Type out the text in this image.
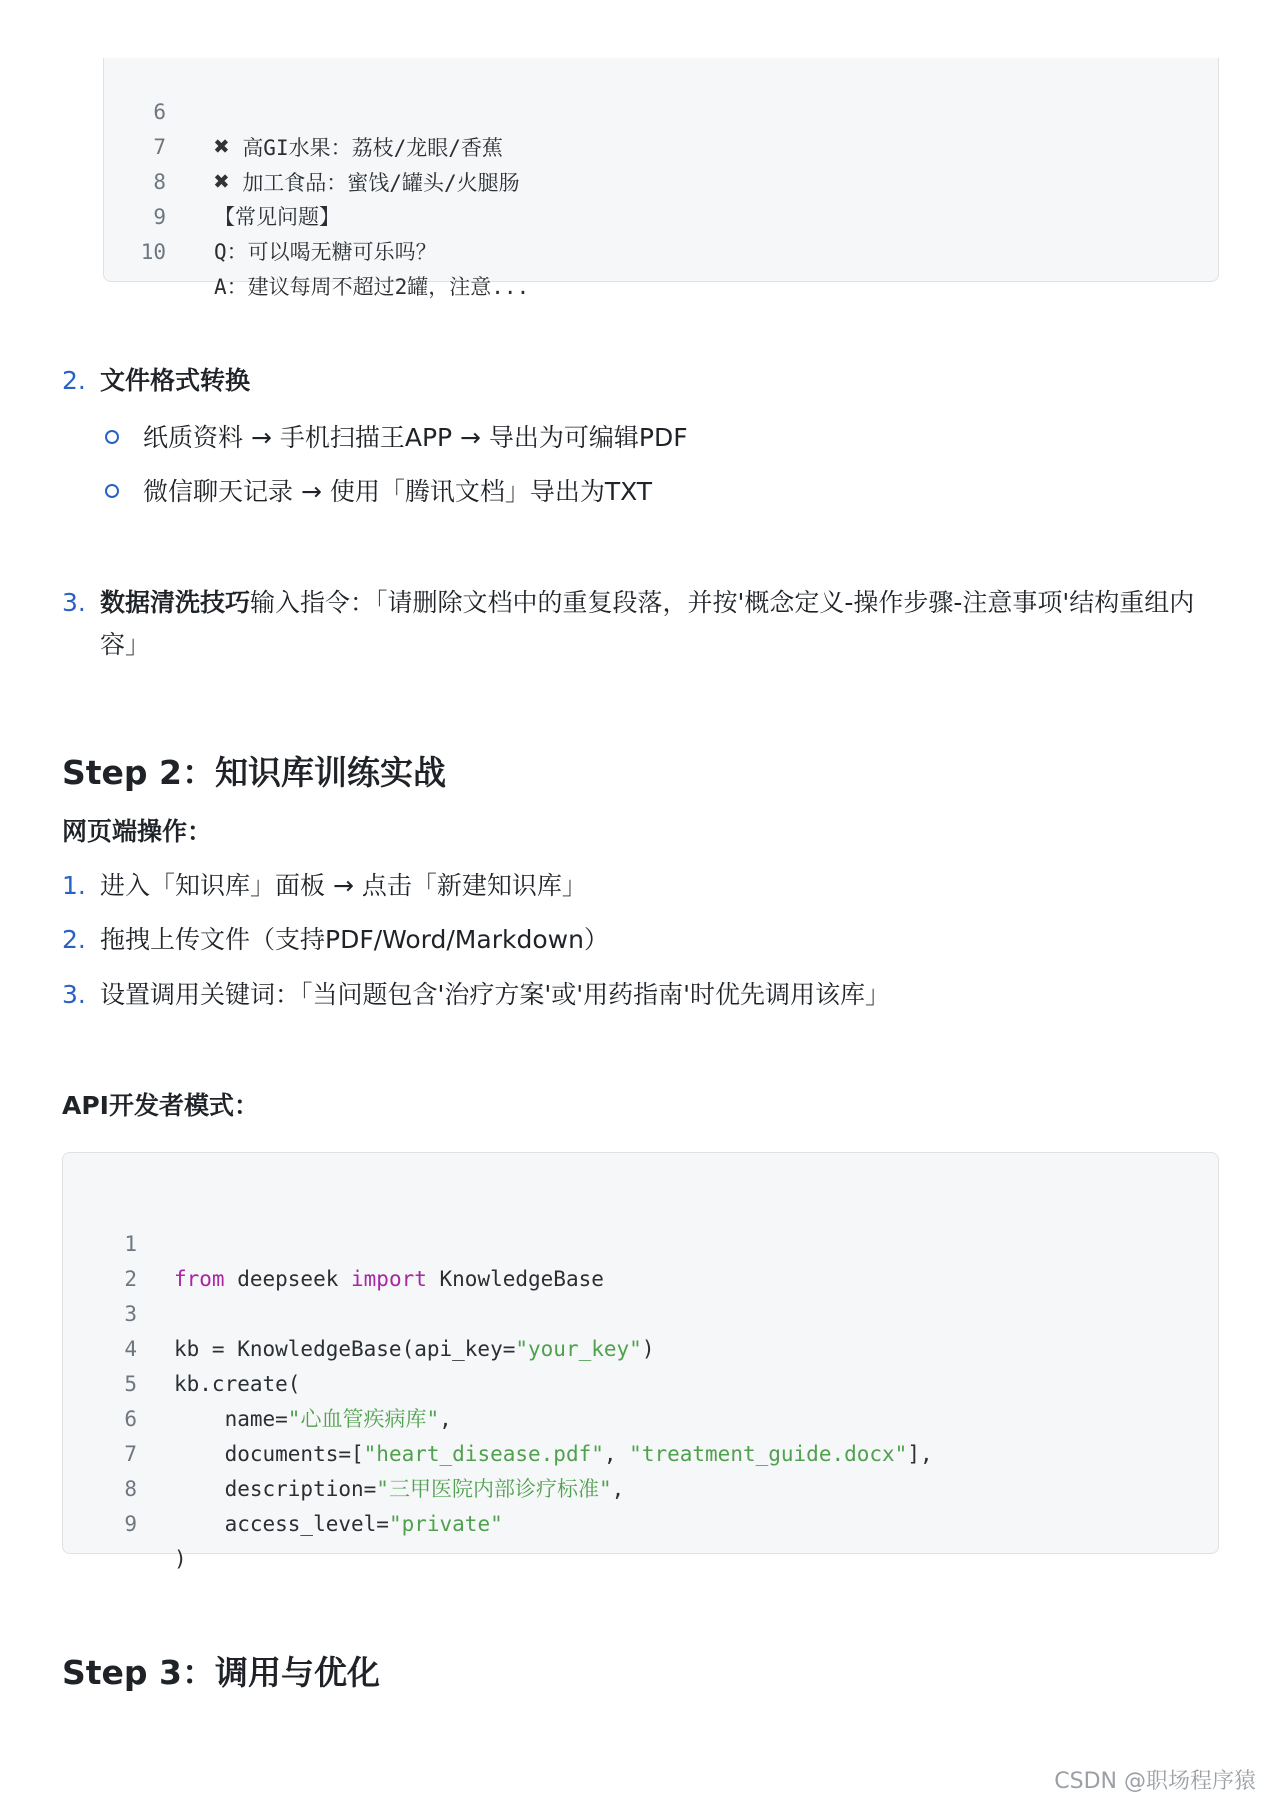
6

✖ 高GI水果：荔枝/龙眼/香蕉

7

✖ 加工食品：蜜饯/罐头/火腿肠

8

【常见问题】

9

Q：可以喝无糖可乐吗？

10

A：建议每周不超过2罐，注意...

2. 文件格式转换
纸质资料 → 手机扫描王APP → 导出为可编辑PDF
微信聊天记录 → 使用「腾讯文档」导出为TXT
3. 数据清洗技巧输入指令：「请删除文档中的重复段落，并按'概念定义-操作步骤-注意事项'结构重组内容」
Step 2：知识库训练实战
网页端操作：
1. 进入「知识库」面板 → 点击「新建知识库」
2. 拖拽上传文件（支持PDF/Word/Markdown）
3. 设置调用关键词：「当问题包含'治疗方案'或'用药指南'时优先调用该库」
API开发者模式：

1

from deepseek import KnowledgeBase

2

3

kb = KnowledgeBase(api_key="your_key")

4

kb.create(

5

name="心血管疾病库",

6

documents=["heart_disease.pdf", "treatment_guide.docx"],

7

description="三甲医院内部诊疗标准",

8

access_level="private"

9

)

Step 3：调用与优化
CSDN @职场程序猿
